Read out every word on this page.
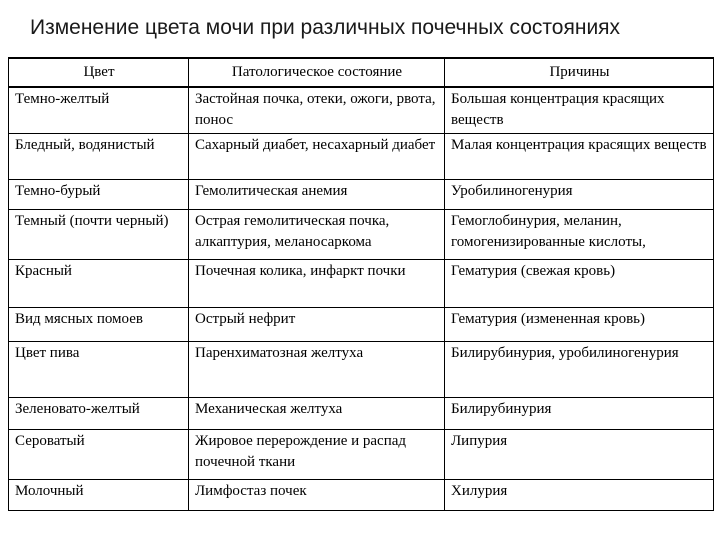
Изменение цвета мочи при различных почечных состояниях
Цвет	Патологическое состояние	Причины
Темно-желтый	Застойная почка, отеки, ожоги, рвота, понос	Большая концентрация красящих веществ
Бледный, водянистый	Сахарный диабет, несахарный диабет	Малая концентрация красящих веществ
Темно-бурый	Гемолитическая анемия	Уробилиногенурия
Темный (почти черный)	Острая гемолитическая почка, алкаптурия, меланосаркома	Гемоглобинурия, меланин, гомогенизированные кислоты,
Красный	Почечная колика, инфаркт почки	Гематурия (свежая кровь)
Вид мясных помоев	Острый нефрит	Гематурия (измененная кровь)
Цвет пива	Паренхиматозная желтуха	Билирубинурия, уробилиногенурия
Зеленовато-желтый	Механическая желтуха	Билирубинурия
Сероватый	Жировое перерождение и распад почечной ткани	Липурия
Молочный	Лимфостаз почек	Хилурия
